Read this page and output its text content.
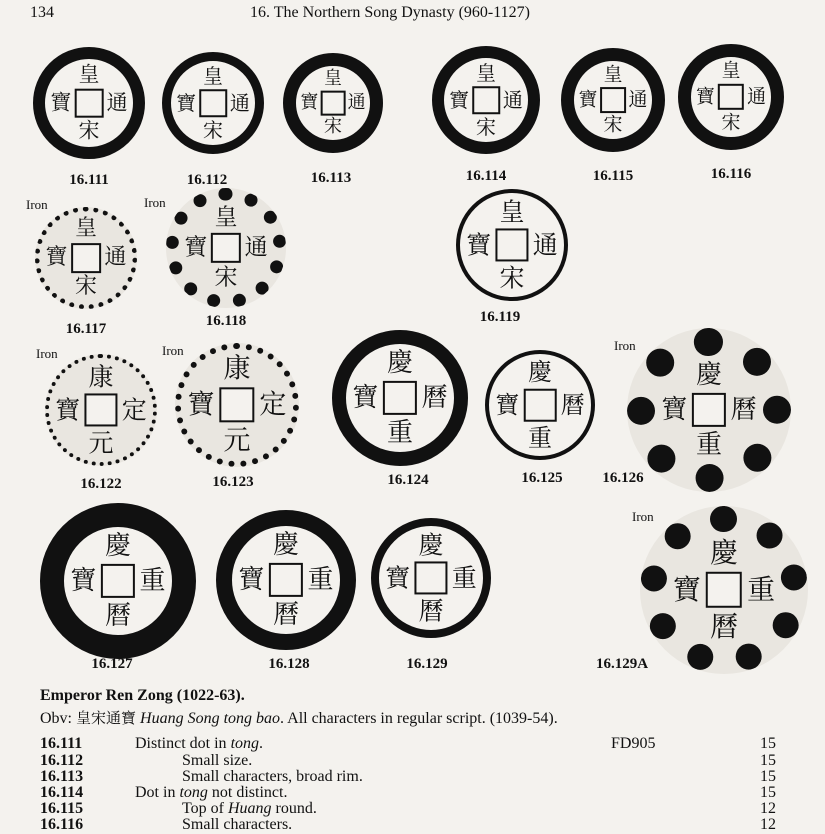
134	16. The Northern Song Dynasty (960-1127)
皇
宋
寶 通
16.111
皇
宋
寶 通
16.112
皇
宋
寶 通
16.113
皇
宋
寶 通
16.114
皇
宋
寶 通
16.115
皇
宋
寶 通
16.116
皇
宋
寶 通
16.117
Iron	皇
宋
寶 通
16.118
Iron	皇
宋
寶 通
16.119
康
元
寶 定
16.122
Iron
康
元
寶 定
16.123
Iron	慶
重
寶 曆
16.124
慶
重
寶 曆
16.125
慶
重
寶 曆
16.126
Iron
慶
曆
寶 重
16.127
慶
曆
寶 重
16.128
慶
曆
寶 重
16.129
慶
曆
寶 重
16.129A
Iron
Emperor Ren Zong (1022-63).
Obv: 皇宋通寶 Huang Song tong bao. All characters in regular script. (1039-54).
16.111	Distinct dot in tong.	FD905	15
16.112	Small size.	15
16.113	Small characters, broad rim.	15
16.114	Dot in tong not distinct.	15
16.115	Top of Huang round.	12
16.116	Small characters.	12
